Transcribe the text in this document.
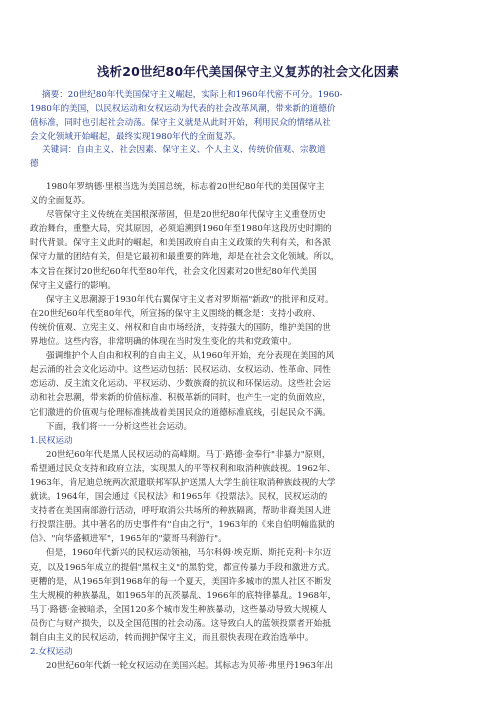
浅析20世纪80年代美国保守主义复苏的社会文化因素
摘要：20世纪80年代美国保守主义崛起，实际上和1960年代密不可分。1960-
1980年的美国，以民权运动和女权运动为代表的社会改革风潮，带来新的道德价
值标准，同时也引起社会动荡。保守主义就是从此时开始，利用民众的情绪从社
会文化领域开始崛起，最终实现1980年代的全面复苏。
关键词：自由主义、社会因素、保守主义、个人主义、传统价值观、宗教道
德
1980年罗纳德·里根当选为美国总统，标志着20世纪80年代的美国保守主
义的全面复苏。
尽管保守主义传统在美国根深蒂固，但是20世纪80年代保守主义重登历史
政治舞台，重整大局，究其原因，必须追溯到1960年至1980年这段历史时期的
时代背景。保守主义此时的崛起，和美国政府自由主义政策的失利有关，和各派
保守力量的团结有关，但是它最初和最重要的阵地，却是在社会文化领域。所以，
本文旨在探讨20世纪60年代至80年代，社会文化因素对20世纪80年代美国
保守主义盛行的影响。
保守主义思潮源于1930年代右翼保守主义者对罗斯福"新政"的批评和反对。
在20世纪60年代至80年代，所宣扬的保守主义围绕的概念是：支持小政府、
传统价值观、立宪主义、州权和自由市场经济，支持强大的国防，维护美国的世
界地位。这些内容，非常明确的体现在当时发生变化的共和党政策中。
强调维护个人自由和权利的自由主义，从1960年开始，充分表现在美国的风
起云涌的社会文化运动中。这些运动包括：民权运动、女权运动、性革命、同性
恋运动、反主流文化运动、平权运动、少数族裔的抗议和环保运动。这些社会运
动和社会思潮，带来新的价值标准、积极革新的同时，也产生一定的负面效应，
它们激进的价值观与伦理标准挑战着美国民众的道德标准底线，引起民众不满。
下面，我们将一一分析这些社会运动。
1.民权运动
20世纪60年代是黑人民权运动的高峰期。马丁·路德·金奉行"非暴力"原则，
希望通过民众支持和政府立法，实现黑人的平等权利和取消种族歧视。1962年、
1963年，肯尼迪总统两次派遣联邦军队护送黑人大学生前往取消种族歧视的大学
就读。1964年，国会通过《民权法》和1965年《投票法》。民权，民权运动的
支持者在美国南部游行活动，呼吁取消公共场所的种族隔离，帮助非裔美国人进
行投票注册。其中著名的历史事件有"自由之行"，1963年的《来自伯明翰监狱的
信》、"向华盛顿进军"，1965年的"蒙哥马利游行"。
但是，1960年代新兴的民权运动领袖，马尔科姆·埃克斯、斯托克利·卡尔迈
克，以及1965年成立的提倡"黑权主义"的黑豹党，都宣传暴力手段和激进方式。
更糟的是，从1965年到1968年的每一个夏天，美国许多城市的黑人社区不断发
生大规模的种族暴乱，如1965年的瓦茨暴乱、1966年的底特律暴乱。1968年，
马丁·路德·金被暗杀，全国120多个城市发生种族暴动，这些暴动导致大规模人
员伤亡与财产损失，以及全国范围的社会动荡。这导致白人的蓝领投票者开始抵
制自由主义的民权运动，转而拥护保守主义，而且很快表现在政治选举中。
2.女权运动
20世纪60年代新一轮女权运动在美国兴起。其标志为贝蒂·弗里丹1963年出
